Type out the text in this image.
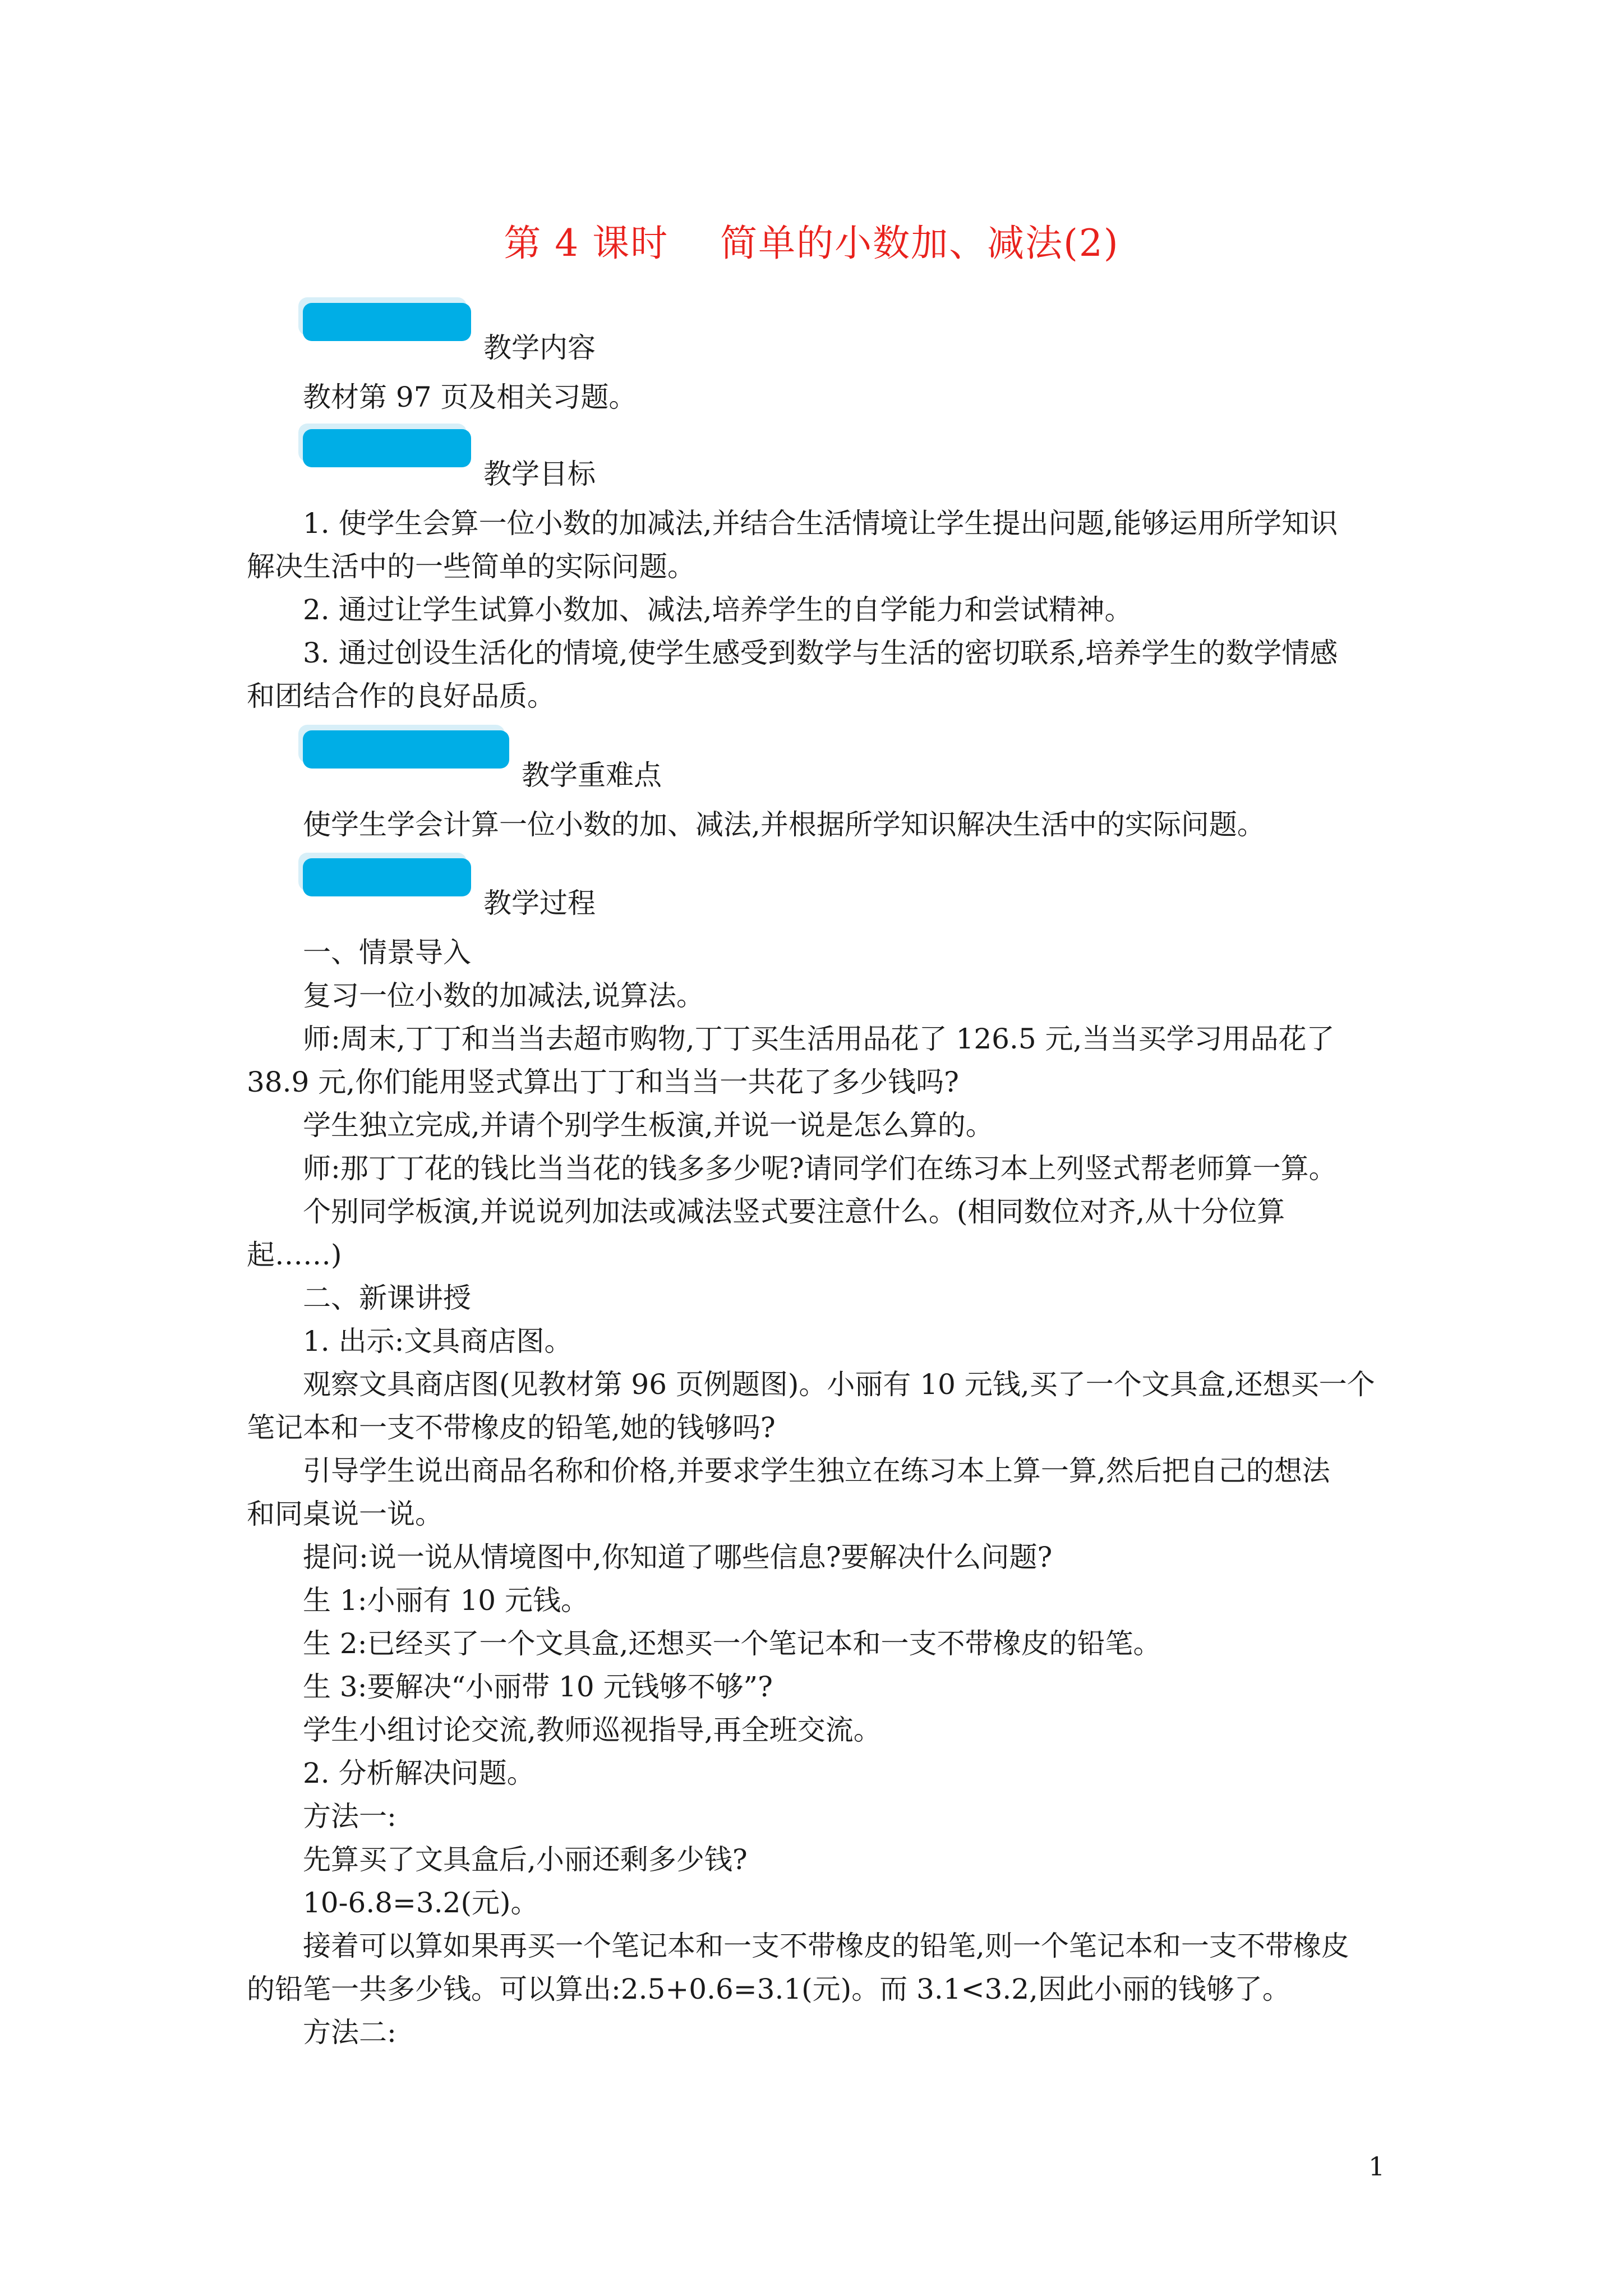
第 4 课时    简单的小数加、减法(2)
教学内容
教材第 97 页及相关习题。
教学目标
1. 使学生会算一位小数的加减法,并结合生活情境让学生提出问题,能够运用所学知识
解决生活中的一些简单的实际问题。
2. 通过让学生试算小数加、减法,培养学生的自学能力和尝试精神。
3. 通过创设生活化的情境,使学生感受到数学与生活的密切联系,培养学生的数学情感
和团结合作的良好品质。
教学重难点
使学生学会计算一位小数的加、减法,并根据所学知识解决生活中的实际问题。
教学过程
一、情景导入
复习一位小数的加减法,说算法。
师:周末,丁丁和当当去超市购物,丁丁买生活用品花了 126.5 元,当当买学习用品花了
38.9 元,你们能用竖式算出丁丁和当当一共花了多少钱吗?
学生独立完成,并请个别学生板演,并说一说是怎么算的。
师:那丁丁花的钱比当当花的钱多多少呢?请同学们在练习本上列竖式帮老师算一算。
个别同学板演,并说说列加法或减法竖式要注意什么。(相同数位对齐,从十分位算
起……)
二、新课讲授
1. 出示:文具商店图。
观察文具商店图(见教材第 96 页例题图)。小丽有 10 元钱,买了一个文具盒,还想买一个
笔记本和一支不带橡皮的铅笔,她的钱够吗?
引导学生说出商品名称和价格,并要求学生独立在练习本上算一算,然后把自己的想法
和同桌说一说。
提问:说一说从情境图中,你知道了哪些信息?要解决什么问题?
生 1:小丽有 10 元钱。
生 2:已经买了一个文具盒,还想买一个笔记本和一支不带橡皮的铅笔。
生 3:要解决“小丽带 10 元钱够不够”?
学生小组讨论交流,教师巡视指导,再全班交流。
2. 分析解决问题。
方法一:
先算买了文具盒后,小丽还剩多少钱?
10-6.8=3.2(元)。
接着可以算如果再买一个笔记本和一支不带橡皮的铅笔,则一个笔记本和一支不带橡皮
的铅笔一共多少钱。可以算出:2.5+0.6=3.1(元)。而 3.1<3.2,因此小丽的钱够了。
方法二:
1
